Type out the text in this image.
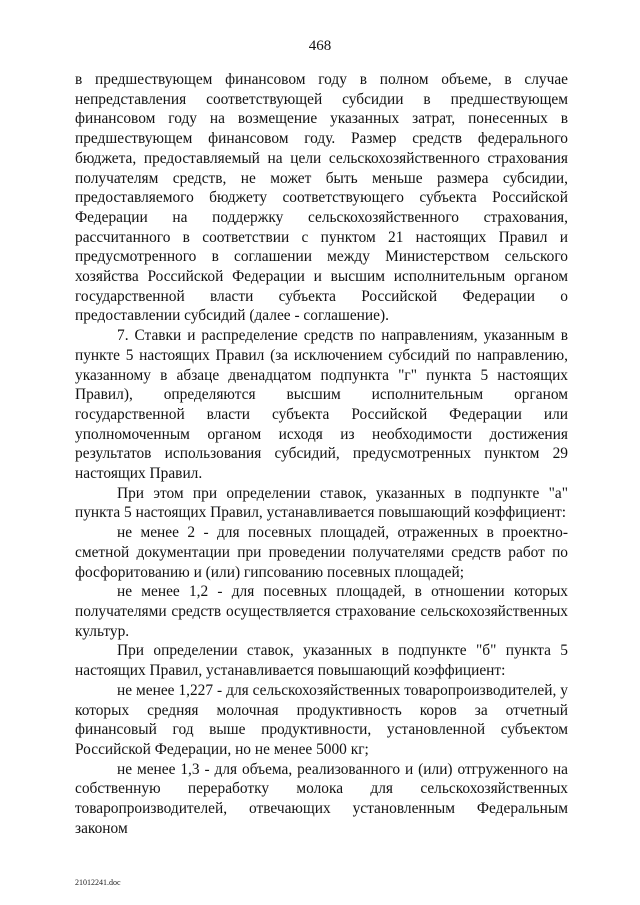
468

в предшествующем финансовом году в полном объеме, в случае непредставления соответствующей субсидии в предшествующем финансовом году на возмещение указанных затрат, понесенных в предшествующем финансовом году. Размер средств федерального бюджета, предоставляемый на цели сельскохозяйственного страхования получателям средств, не может быть меньше размера субсидии, предоставляемого бюджету соответствующего субъекта Российской Федерации на поддержку сельскохозяйственного страхования, рассчитанного в соответствии с пунктом 21 настоящих Правил и предусмотренного в соглашении между Министерством сельского хозяйства Российской Федерации и высшим исполнительным органом государственной власти субъекта Российской Федерации о предоставлении субсидий (далее - соглашение).

7. Ставки и распределение средств по направлениям, указанным в пункте 5 настоящих Правил (за исключением субсидий по направлению, указанному в абзаце двенадцатом подпункта "г" пункта 5 настоящих Правил), определяются высшим исполнительным органом государственной власти субъекта Российской Федерации или уполномоченным органом исходя из необходимости достижения результатов использования субсидий, предусмотренных пунктом 29 настоящих Правил.

При этом при определении ставок, указанных в подпункте "а" пункта 5 настоящих Правил, устанавливается повышающий коэффициент:

не менее 2 - для посевных площадей, отраженных в проектно-сметной документации при проведении получателями средств работ по фосфоритованию и (или) гипсованию посевных площадей;

не менее 1,2 - для посевных площадей, в отношении которых получателями средств осуществляется страхование сельскохозяйственных культур.

При определении ставок, указанных в подпункте "б" пункта 5 настоящих Правил, устанавливается повышающий коэффициент:

не менее 1,227 - для сельскохозяйственных товаропроизводителей, у которых средняя молочная продуктивность коров за отчетный финансовый год выше продуктивности, установленной субъектом Российской Федерации, но не менее 5000 кг;

не менее 1,3 - для объема, реализованного и (или) отгруженного на собственную переработку молока для сельскохозяйственных товаропроизводителей, отвечающих установленным Федеральным законом

21012241.doc
